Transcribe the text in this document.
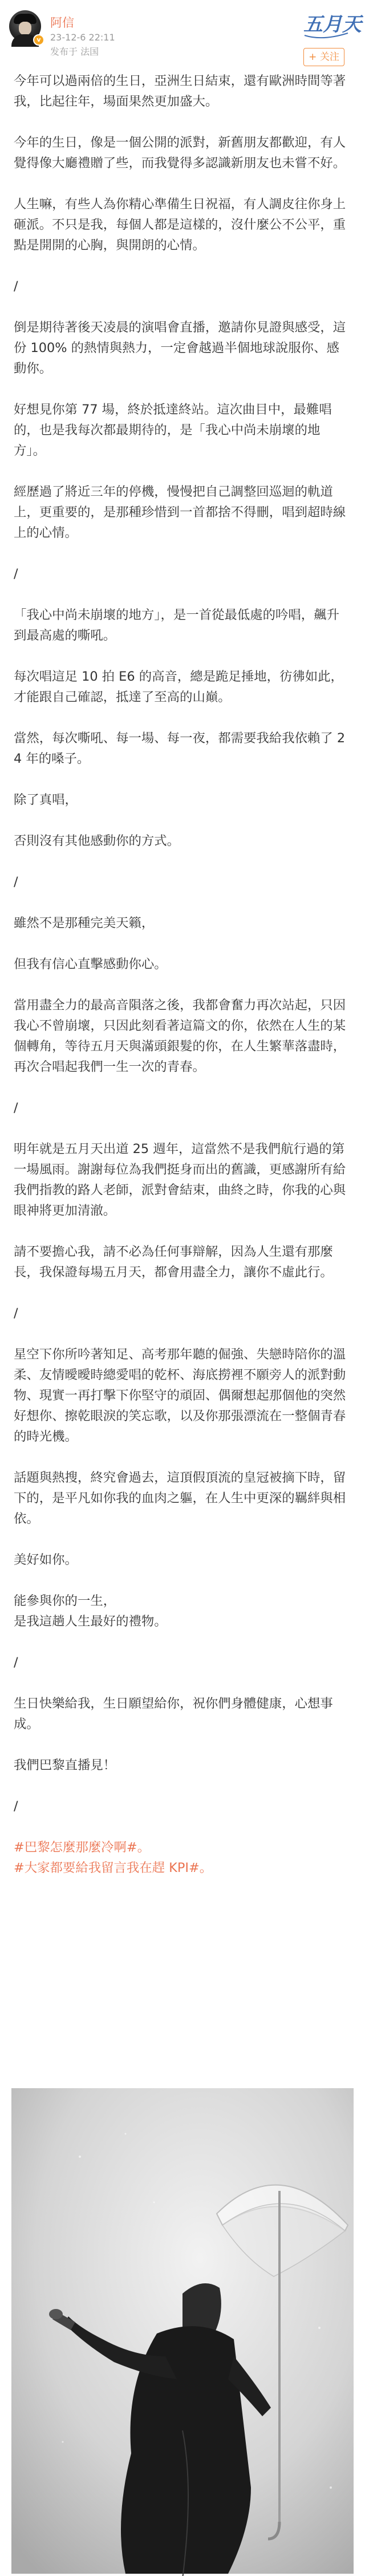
v
阿信
23-12-6 22:11
发布于 法国
五月天
+ 关注

今年可以過兩倍的生日，亞洲生日結束，還有歐洲時間等著我，比起往年，場面果然更加盛大。

今年的生日，像是一個公開的派對，新舊朋友都歡迎，有人覺得像大廳禮贈了些，而我覺得多認識新朋友也未嘗不好。

人生嘛，有些人為你精心準備生日祝福，有人調皮往你身上砸派。不只是我，每個人都是這樣的，沒什麼公不公平，重點是開開的心胸，與開朗的心情。

/

倒是期待著後天凌晨的演唱會直播，邀請你見證與感受，這份 100% 的熱情與熱力，一定會越過半個地球說服你、感動你。

好想見你第 77 場，終於抵達終站。這次曲目中，最難唱的，也是我每次都最期待的，是「我心中尚未崩壞的地方」。

經歷過了將近三年的停機，慢慢把自己調整回巡迴的軌道上，更重要的，是那種珍惜到一首都捨不得刪，唱到超時線上的心情。

/

「我心中尚未崩壞的地方」，是一首從最低處的吟唱，飆升到最高處的嘶吼。

每次唱這足 10 拍 E6 的高音，總是跪足捶地，彷彿如此，才能跟自己確認，抵達了至高的山巔。

當然，每次嘶吼、每一場、每一夜，都需要我給我依賴了 24 年的嗓子。

除了真唱，

否則沒有其他感動你的方式。

/

雖然不是那種完美天籟，

但我有信心直擊感動你心。

當用盡全力的最高音隕落之後，我都會奮力再次站起，只因我心不曾崩壞，只因此刻看著這篇文的你，依然在人生的某個轉角，等待五月天與滿頭銀髮的你，在人生繁華落盡時，再次合唱起我們一生一次的青春。

/

明年就是五月天出道 25 週年，這當然不是我們航行過的第一場風雨。謝謝每位為我們挺身而出的舊識，更感謝所有給我們指教的路人老師，派對會結束，曲終之時，你我的心與眼神將更加清澈。

請不要擔心我，請不必為任何事辯解，因為人生還有那麼長，我保證每場五月天，都會用盡全力，讓你不虛此行。

/

星空下你所吟著知足、高考那年聽的倔強、失戀時陪你的溫柔、友情曖曖時總愛唱的乾杯、海底撈裡不願旁人的派對動物、現實一再打擊下你堅守的頑固、偶爾想起那個他的突然好想你、擦乾眼淚的笑忘歌，以及你那張漂流在一整個青春的時光機。

話題與熱搜，終究會過去，這頂假頂流的皇冠被摘下時，留下的，是平凡如你我的血肉之軀，在人生中更深的羈絆與相依。

美好如你。

能參與你的一生，
是我這趟人生最好的禮物。

/

生日快樂給我，生日願望給你，祝你們身體健康，心想事成。

我們巴黎直播見！

/

#巴黎怎麼那麼冷啊#。

#大家都要給我留言我在趕 KPI#。
